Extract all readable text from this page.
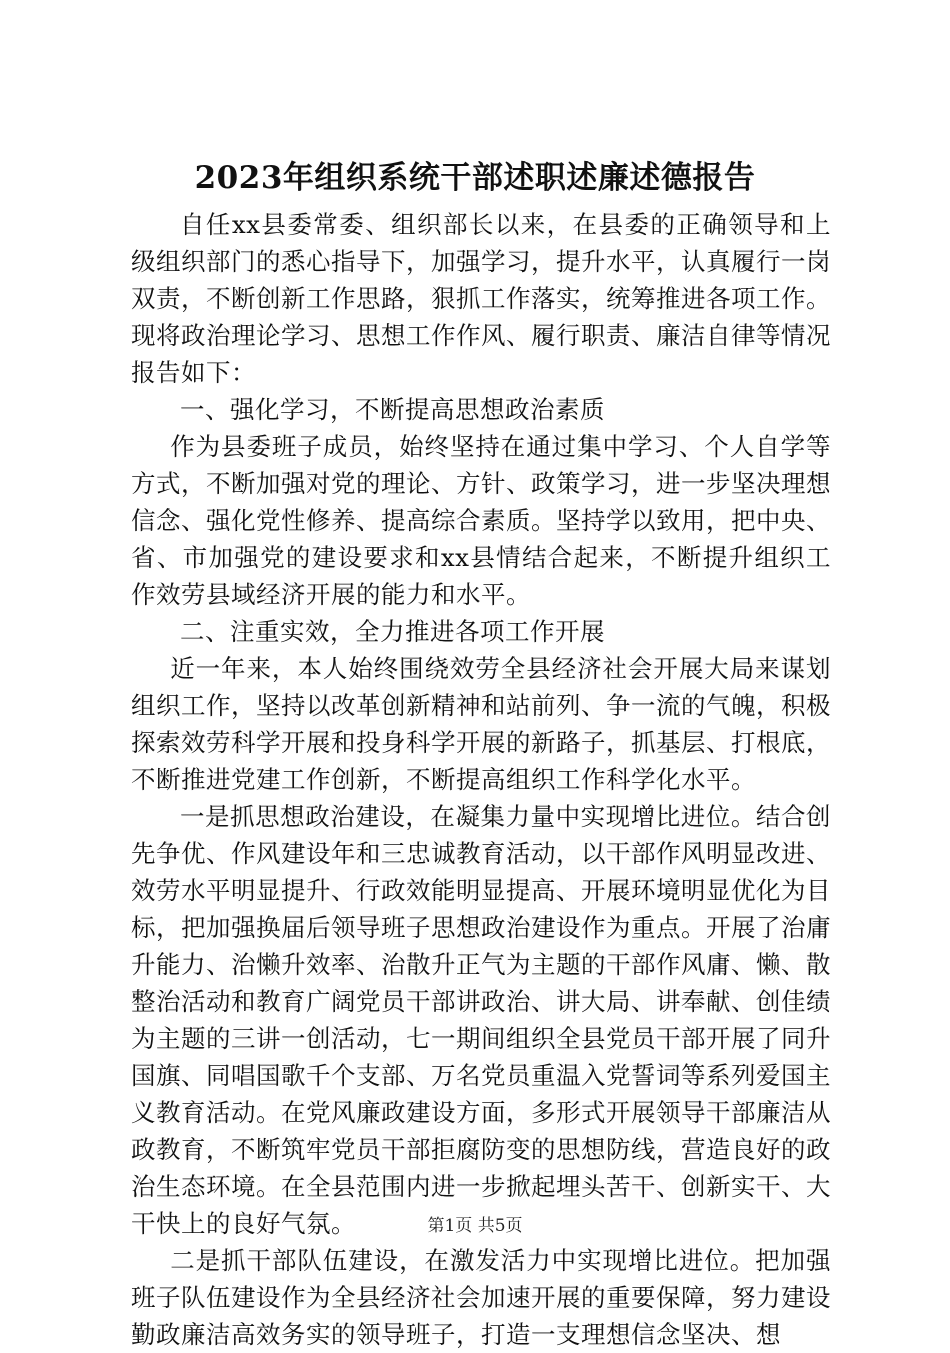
2023年组织系统干部述职述廉述德报告

自任xx县委常委、组织部长以来，在县委的正确领导和上级组织部门的悉心指导下，加强学习，提升水平，认真履行一岗双责，不断创新工作思路，狠抓工作落实，统筹推进各项工作。现将政治理论学习、思想工作作风、履行职责、廉洁自律等情况报告如下：

一、强化学习，不断提高思想政治素质

作为县委班子成员，始终坚持在通过集中学习、个人自学等方式，不断加强对党的理论、方针、政策学习，进一步坚决理想信念、强化党性修养、提高综合素质。坚持学以致用，把中央、省、市加强党的建设要求和xx县情结合起来，不断提升组织工作效劳县域经济开展的能力和水平。

二、注重实效，全力推进各项工作开展

近一年来，本人始终围绕效劳全县经济社会开展大局来谋划组织工作，坚持以改革创新精神和站前列、争一流的气魄，积极探索效劳科学开展和投身科学开展的新路子，抓基层、打根底，不断推进党建工作创新，不断提高组织工作科学化水平。

一是抓思想政治建设，在凝集力量中实现增比进位。结合创先争优、作风建设年和三忠诚教育活动，以干部作风明显改进、效劳水平明显提升、行政效能明显提高、开展环境明显优化为目标，把加强换届后领导班子思想政治建设作为重点。开展了治庸升能力、治懒升效率、治散升正气为主题的干部作风庸、懒、散整治活动和教育广阔党员干部讲政治、讲大局、讲奉献、创佳绩为主题的三讲一创活动，七一期间组织全县党员干部开展了同升国旗、同唱国歌千个支部、万名党员重温入党誓词等系列爱国主义教育活动。在党风廉政建设方面，多形式开展领导干部廉洁从政教育，不断筑牢党员干部拒腐防变的思想防线，营造良好的政治生态环境。在全县范围内进一步掀起埋头苦干、创新实干、大干快上的良好气氛。

二是抓干部队伍建设，在激发活力中实现增比进位。把加强班子队伍建设作为全县经济社会加速开展的重要保障，努力建设勤政廉洁高效务实的领导班子，打造一支理想信念坚决、想

第1页 共5页
